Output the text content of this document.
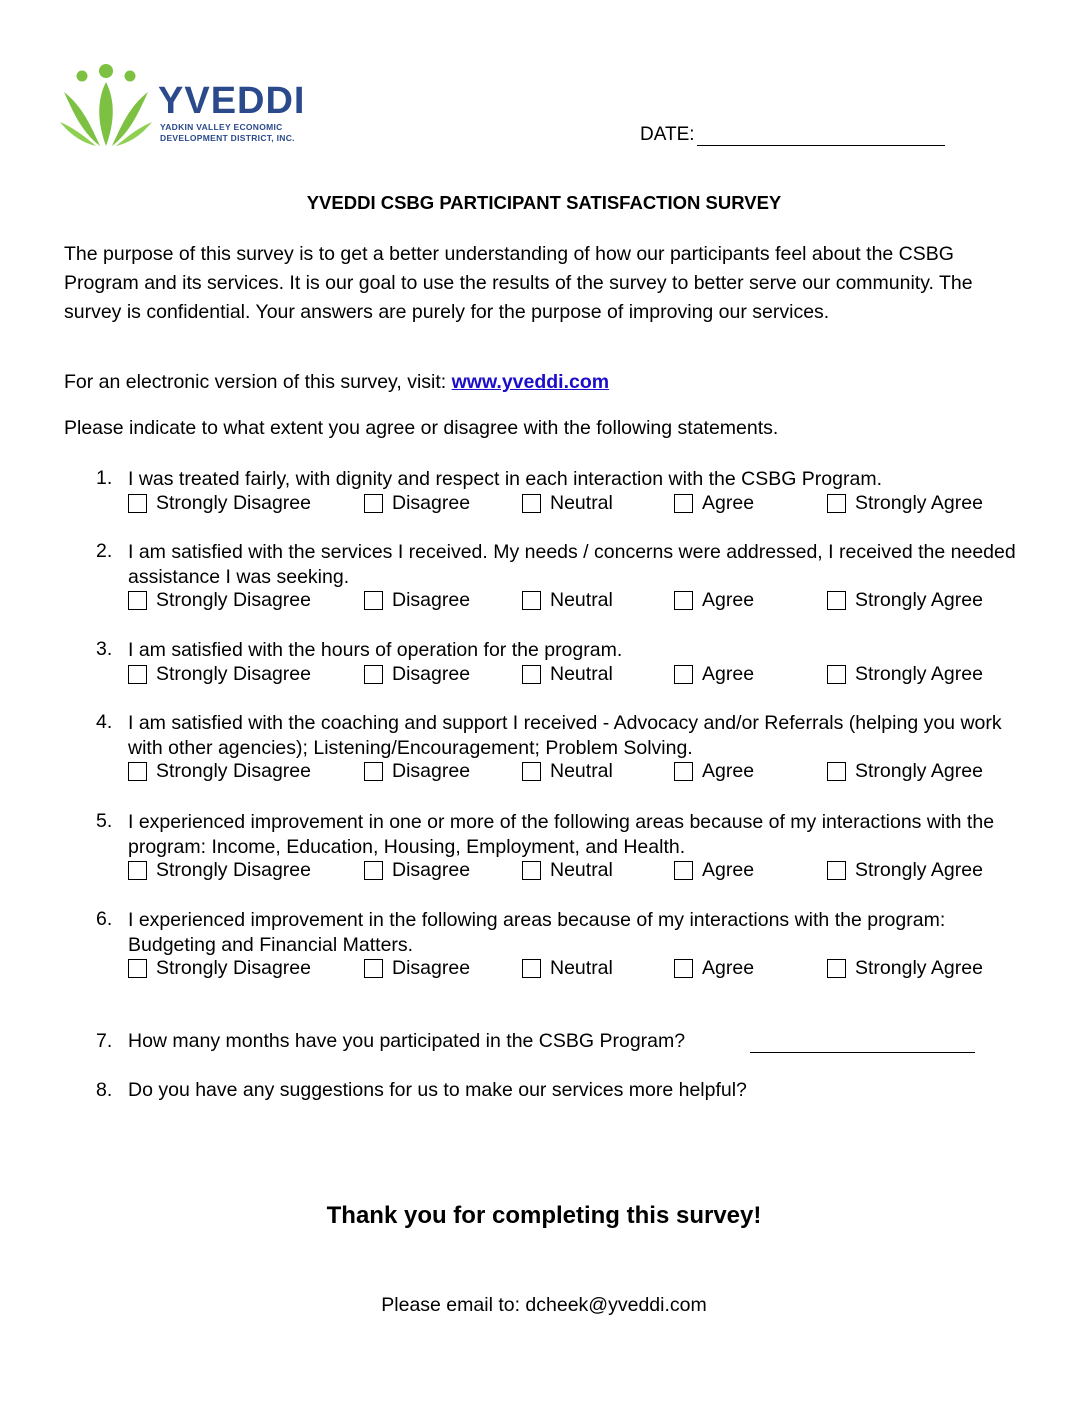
YVEDDI
YADKIN VALLEY ECONOMIC
DEVELOPMENT DISTRICT, INC.	DATE:
YVEDDI CSBG PARTICIPANT SATISFACTION SURVEY
The purpose of this survey is to get a better understanding of how our participants feel about the CSBG Program and its services. It is our goal to use the results of the survey to better serve our community. The survey is confidential. Your answers are purely for the purpose of improving our services.
For an electronic version of this survey, visit: www.yveddi.com
Please indicate to what extent you agree or disagree with the following statements.
1. I was treated fairly, with dignity and respect in each interaction with the CSBG Program.
Strongly Disagree	Disagree	Neutral	Agree	Strongly Agree
2. I am satisfied with the services I received. My needs / concerns were addressed, I received the needed assistance I was seeking.
Strongly Disagree	Disagree	Neutral	Agree	Strongly Agree
3. I am satisfied with the hours of operation for the program.
Strongly Disagree	Disagree	Neutral	Agree	Strongly Agree
4. I am satisfied with the coaching and support I received - Advocacy and/or Referrals (helping you work with other agencies); Listening/Encouragement; Problem Solving.
Strongly Disagree	Disagree	Neutral	Agree	Strongly Agree
5. I experienced improvement in one or more of the following areas because of my interactions with the program: Income, Education, Housing, Employment, and Health.
Strongly Disagree	Disagree	Neutral	Agree	Strongly Agree
6. I experienced improvement in the following areas because of my interactions with the program: Budgeting and Financial Matters.
Strongly Disagree	Disagree	Neutral	Agree	Strongly Agree
7. How many months have you participated in the CSBG Program?
8. Do you have any suggestions for us to make our services more helpful?
Thank you for completing this survey!
Please email to: dcheek@yveddi.com
